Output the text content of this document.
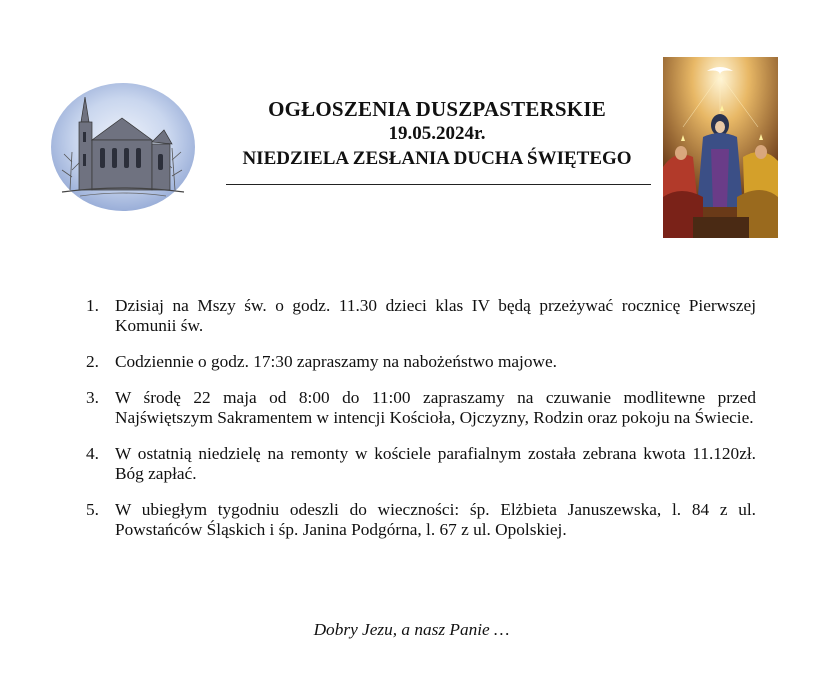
OGŁOSZENIA DUSZPASTERSKIE
19.05.2024r.
NIEDZIELA ZESŁANIA DUCHA ŚWIĘTEGO
1. Dzisiaj na Mszy św. o godz. 11.30 dzieci klas IV będą przeżywać rocznicę Pierwszej Komunii św.
2. Codziennie o godz. 17:30 zapraszamy na nabożeństwo majowe.
3. W środę 22 maja od 8:00 do 11:00 zapraszamy na czuwanie modlitewne przed Najświętszym Sakramentem w intencji Kościoła, Ojczyzny, Rodzin oraz pokoju na Świecie.
4. W ostatnią niedzielę na remonty w kościele parafialnym została zebrana kwota 11.120zł. Bóg zapłać.
5. W ubiegłym tygodniu odeszli do wieczności: śp. Elżbieta Januszewska, l. 84 z ul. Powstańców Śląskich i śp. Janina Podgórna, l. 67 z ul. Opolskiej.
Dobry Jezu, a nasz Panie …
